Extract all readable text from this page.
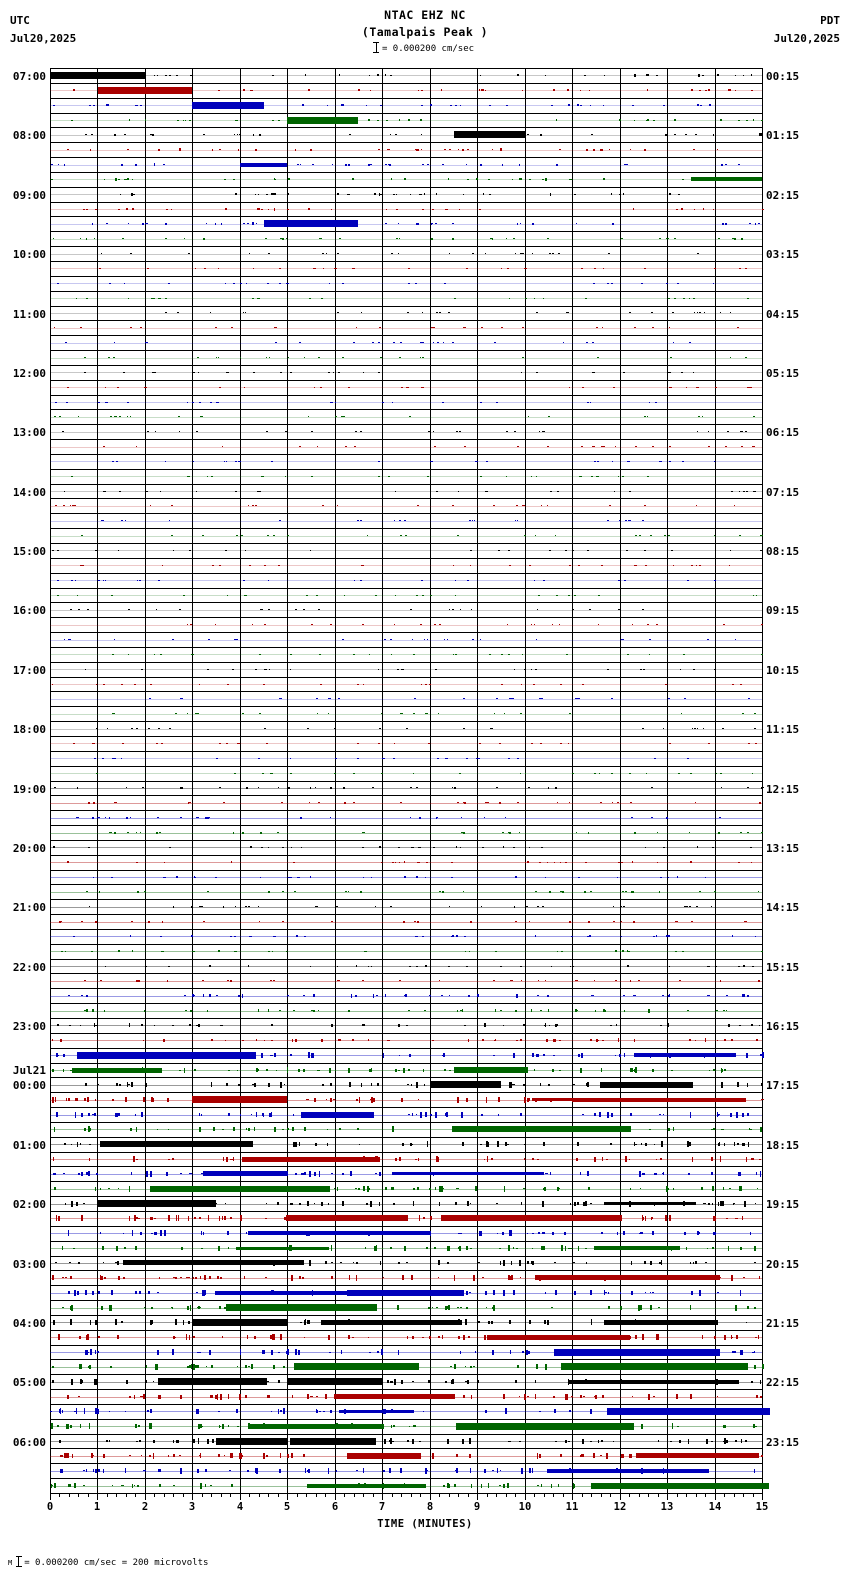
UTC
Jul20,2025
PDT
Jul20,2025
NTAC EHZ NC
(Tamalpais Peak )
= 0.000200 cm/sec
07:00
08:00
09:00
10:00
11:00
12:00
13:00
14:00
15:00
16:00
17:00
18:00
19:00
20:00
21:00
22:00
23:00
Jul21
00:00
01:00
02:00
03:00
04:00
05:00
06:00
00:15
01:15
02:15
03:15
04:15
05:15
06:15
07:15
08:15
09:15
10:15
11:15
12:15
13:15
14:15
15:15
16:15
17:15
18:15
19:15
20:15
21:15
22:15
23:15
0	1	2	3	4	5	6	7	8	9	10	11	12	13	14	15
TIME (MINUTES)
M = 0.000200 cm/sec = 200 microvolts
